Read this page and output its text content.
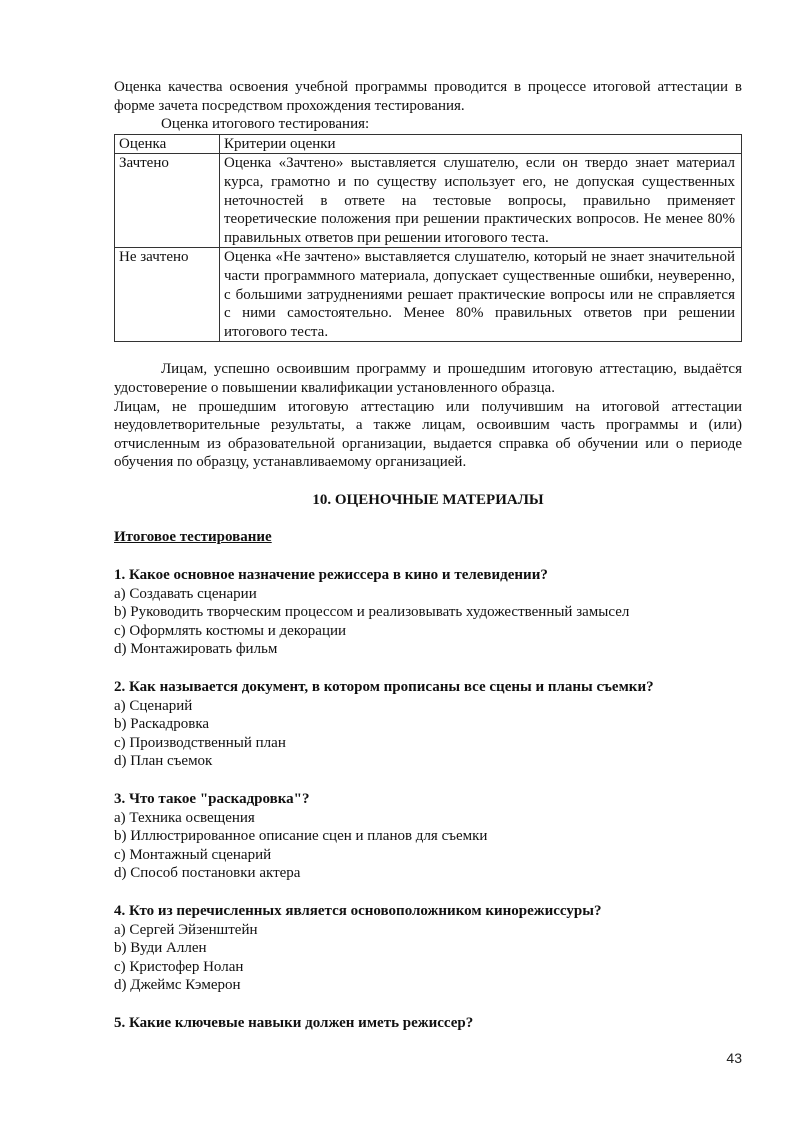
Оценка качества освоения учебной программы проводится в процессе итоговой аттестации в форме зачета посредством прохождения тестирования.
Оценка итогового тестирования:
Оценка	Критерии оценки
Зачтено	Оценка «Зачтено» выставляется слушателю, если он твердо знает материал курса, грамотно и по существу использует его, не допуская существенных неточностей в ответе на тестовые вопросы, правильно применяет теоретические положения при решении практических вопросов. Не менее 80% правильных ответов при решении итогового теста.
Не зачтено	Оценка «Не зачтено» выставляется слушателю, который не знает значительной части программного материала, допускает существенные ошибки, неуверенно, с большими затруднениями решает практические вопросы или не справляется с ними самостоятельно. Менее 80% правильных ответов при решении итогового теста.
Лицам, успешно освоившим программу и прошедшим итоговую аттестацию, выдаётся удостоверение о повышении квалификации установленного образца.
Лицам, не прошедшим итоговую аттестацию или получившим на итоговой аттестации неудовлетворительные результаты, а также лицам, освоившим часть программы и (или) отчисленным из образовательной организации, выдается справка об обучении или о периоде обучения по образцу, устанавливаемому организацией.
10. ОЦЕНОЧНЫЕ МАТЕРИАЛЫ
Итоговое тестирование
1. Какое основное назначение режиссера в кино и телевидении?
a) Создавать сценарии
b) Руководить творческим процессом и реализовывать художественный замысел
c) Оформлять костюмы и декорации
d) Монтажировать фильм
2. Как называется документ, в котором прописаны все сцены и планы съемки?
a) Сценарий
b) Раскадровка
c) Производственный план
d) План съемок
3. Что такое "раскадровка"?
a) Техника освещения
b) Иллюстрированное описание сцен и планов для съемки
c) Монтажный сценарий
d) Способ постановки актера
4. Кто из перечисленных является основоположником кинорежиссуры?
a) Сергей Эйзенштейн
b) Вуди Аллен
c) Кристофер Нолан
d) Джеймс Кэмерон
5. Какие ключевые навыки должен иметь режиссер?
43
